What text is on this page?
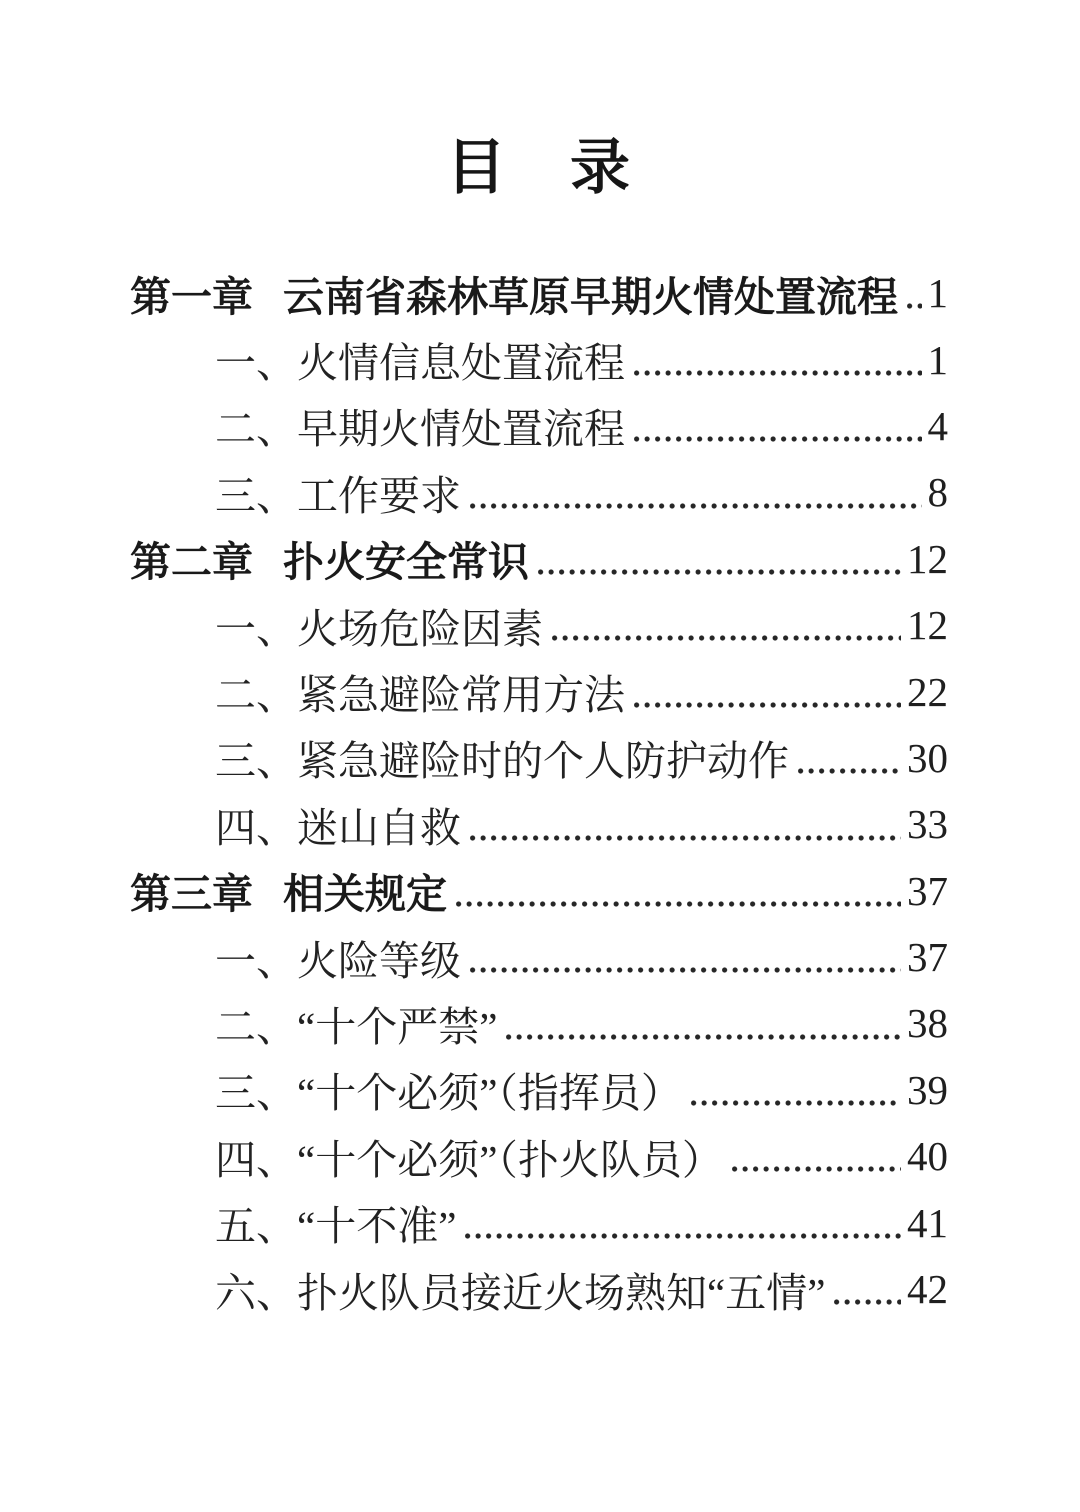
目　录
第一章 云南省森林草原早期火情处置流程 1
一、 火情信息处置流程	1
二、 早期火情处置流程	4
三、 工作要求	8
第二章 扑火安全常识	12
一、 火场危险因素	12
二、 紧急避险常用方法	22
三、 紧急避险时的个人防护动作	30
四、 迷山自救	33
第三章 相关规定	37
一、 火险等级	37
二、 “十个严禁”	38
三、 “十个必须”（指挥员）	39
四、 “十个必须”（扑火队员）	40
五、 “十不准”	41
六、 扑火队员接近火场熟知“五情” 42
